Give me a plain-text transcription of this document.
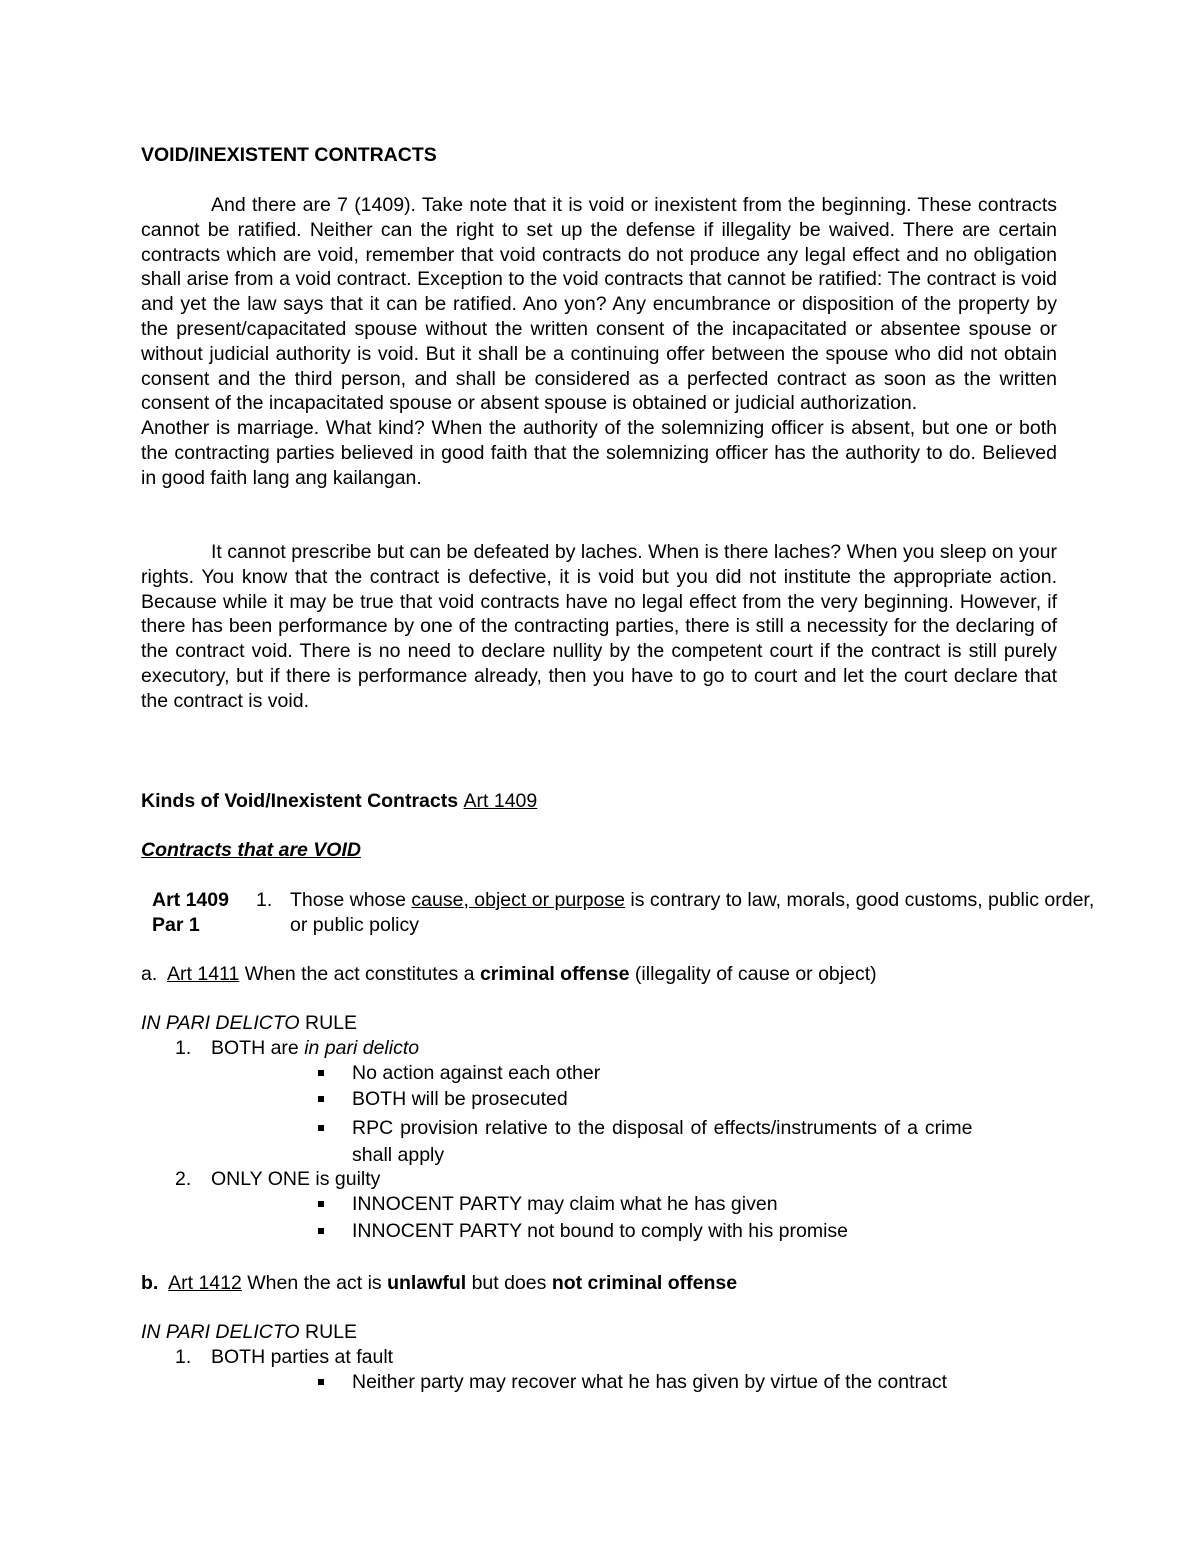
VOID/INEXISTENT CONTRACTS

And there are 7 (1409). Take note that it is void or inexistent from the beginning. These contracts cannot be ratified. Neither can the right to set up the defense if illegality be waived. There are certain contracts which are void, remember that void contracts do not produce any legal effect and no obligation shall arise from a void contract. Exception to the void contracts that cannot be ratified: The contract is void and yet the law says that it can be ratified. Ano yon? Any encumbrance or disposition of the property by the present/capacitated spouse without the written consent of the incapacitated or absentee spouse or without judicial authority is void. But it shall be a continuing offer between the spouse who did not obtain consent and the third person, and shall be considered as a perfected contract as soon as the written consent of the incapacitated spouse or absent spouse is obtained or judicial authorization.

Another is marriage. What kind? When the authority of the solemnizing officer is absent, but one or both the contracting parties believed in good faith that the solemnizing officer has the authority to do. Believed in good faith lang ang kailangan.

It cannot prescribe but can be defeated by laches. When is there laches? When you sleep on your rights. You know that the contract is defective, it is void but you did not institute the appropriate action. Because while it may be true that void contracts have no legal effect from the very beginning. However, if there has been performance by one of the contracting parties, there is still a necessity for the declaring of the contract void. There is no need to declare nullity by the competent court if the contract is still purely executory, but if there is performance already, then you have to go to court and let the court declare that the contract is void.

Kinds of Void/Inexistent Contracts Art 1409
Contracts that are VOID
Art 1409
Par 1
1. Those whose cause, object or purpose is contrary to law, morals, good customs, public order,
or public policy
a. Art 1411 When the act constitutes a criminal offense (illegality of cause or object)
IN PARI DELICTO RULE
1. BOTH are in pari delicto
No action against each other
BOTH will be prosecuted
RPC provision relative to the disposal of effects/instruments of a crime
shall apply
2. ONLY ONE is guilty
INNOCENT PARTY may claim what he has given
INNOCENT PARTY not bound to comply with his promise
b. Art 1412 When the act is unlawful but does not criminal offense
IN PARI DELICTO RULE
1. BOTH parties at fault
Neither party may recover what he has given by virtue of the contract
